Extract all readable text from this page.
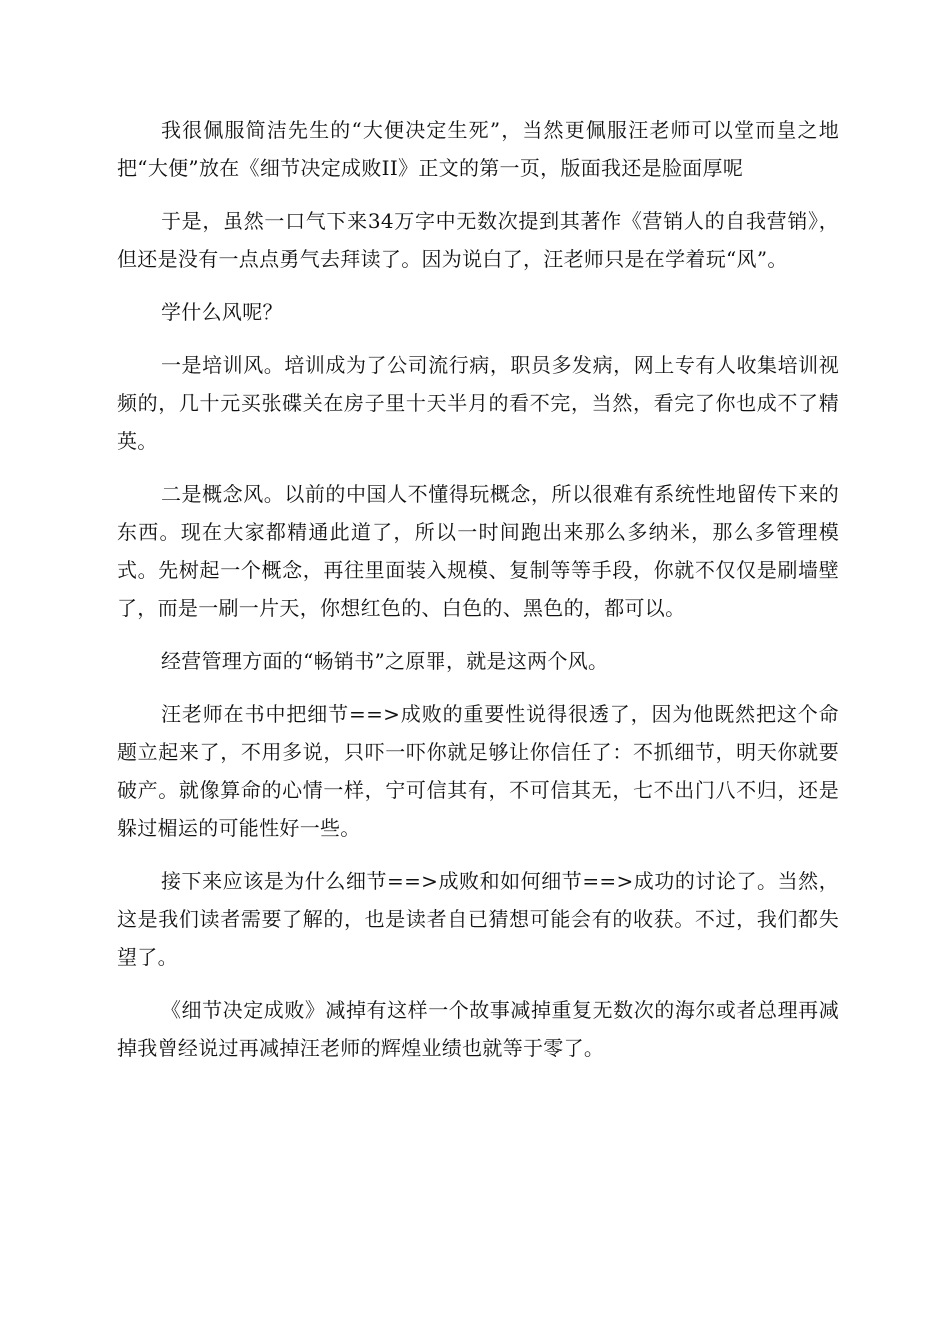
我很佩服简洁先生的“大便决定生死”，当然更佩服汪老师可以堂而皇之地把“大便”放在《细节决定成败II》正文的第一页，版面我还是脸面厚呢

于是，虽然一口气下来34万字中无数次提到其著作《营销人的自我营销》，但还是没有一点点勇气去拜读了。因为说白了，汪老师只是在学着玩“风”。

学什么风呢？

一是培训风。培训成为了公司流行病，职员多发病，网上专有人收集培训视频的，几十元买张碟关在房子里十天半月的看不完，当然，看完了你也成不了精英。

二是概念风。以前的中国人不懂得玩概念，所以很难有系统性地留传下来的东西。现在大家都精通此道了，所以一时间跑出来那么多纳米，那么多管理模式。先树起一个概念，再往里面装入规模、复制等等手段，你就不仅仅是刷墙壁了，而是一刷一片天，你想红色的、白色的、黑色的，都可以。

经营管理方面的“畅销书”之原罪，就是这两个风。

汪老师在书中把细节==>成败的重要性说得很透了，因为他既然把这个命题立起来了，不用多说，只吓一吓你就足够让你信任了：不抓细节，明天你就要破产。就像算命的心情一样，宁可信其有，不可信其无，七不出门八不归，还是躲过楣运的可能性好一些。

接下来应该是为什么细节==>成败和如何细节==>成功的讨论了。当然，这是我们读者需要了解的，也是读者自已猜想可能会有的收获。不过，我们都失望了。

《细节决定成败》减掉有这样一个故事减掉重复无数次的海尔或者总理再减掉我曾经说过再减掉汪老师的辉煌业绩也就等于零了。
